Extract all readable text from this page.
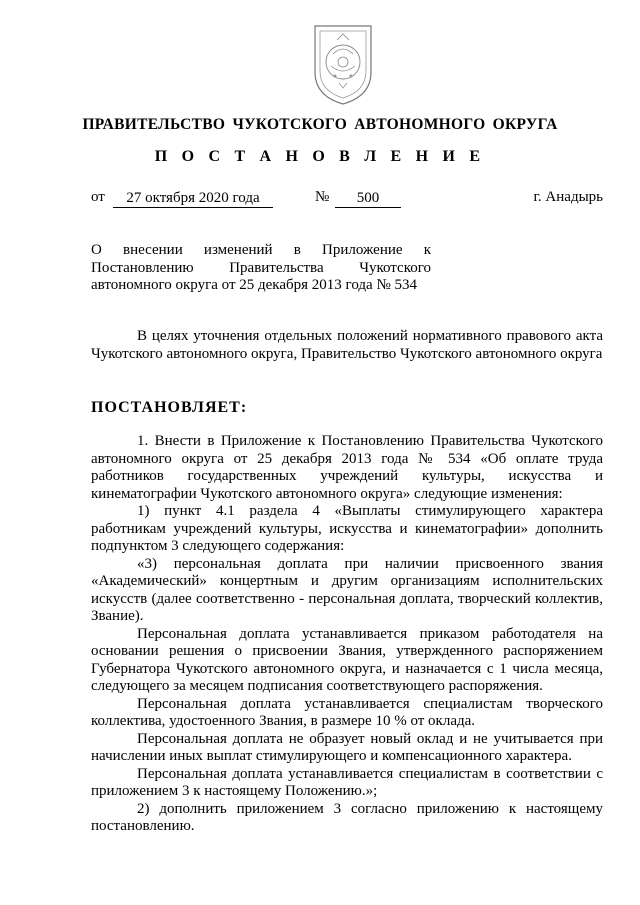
ПРАВИТЕЛЬСТВО ЧУКОТСКОГО АВТОНОМНОГО ОКРУГА
П О С Т А Н О В Л Е Н И Е
от	27 октября 2020 года	№	500	г. Анадырь
О внесении изменений в Приложение к
Постановлению Правительства Чукотского
автономного округа от 25 декабря 2013 года № 534

В целях уточнения отдельных положений нормативного правового акта Чукотского автономного округа, Правительство Чукотского автономного округа

ПОСТАНОВЛЯЕТ:

1. Внести в Приложение к Постановлению Правительства Чукотского автономного округа от 25 декабря 2013 года № 534 «Об оплате труда работников государственных учреждений культуры, искусства и кинематографии Чукотского автономного округа» следующие изменения:

1) пункт 4.1 раздела 4 «Выплаты стимулирующего характера работникам учреждений культуры, искусства и кинематографии» дополнить подпунктом 3 следующего содержания:

«3) персональная доплата при наличии присвоенного звания «Академический» концертным и другим организациям исполнительских искусств (далее соответственно - персональная доплата, творческий коллектив, Звание).

Персональная доплата устанавливается приказом работодателя на основании решения о присвоении Звания, утвержденного распоряжением Губернатора Чукотского автономного округа, и назначается с 1 числа месяца, следующего за месяцем подписания соответствующего распоряжения.

Персональная доплата устанавливается специалистам творческого коллектива, удостоенного Звания, в размере 10 % от оклада.

Персональная доплата не образует новый оклад и не учитывается при начислении иных выплат стимулирующего и компенсационного характера.

Персональная доплата устанавливается специалистам в соответствии с приложением 3 к настоящему Положению.»;

2) дополнить приложением 3 согласно приложению к настоящему постановлению.
